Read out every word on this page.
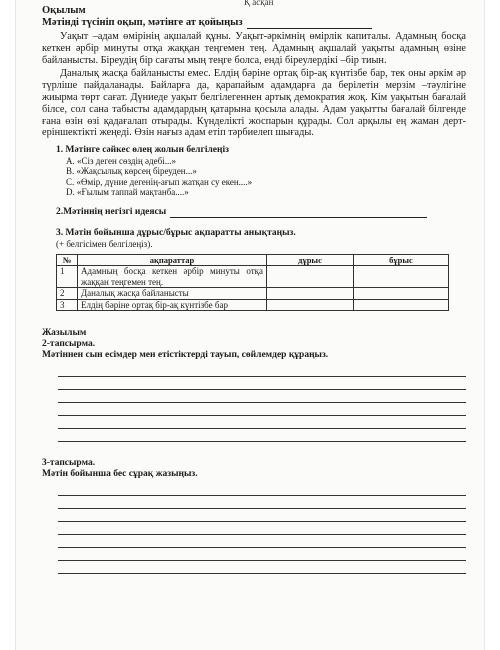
Қ асқан
Оқылым
Мәтінді түсініп оқып, мәтінге ат қойыңыз

Уақыт –адам өмірінің ақшалай құны. Уақыт-әркімнің өмірлік капиталы. Адамның босқа кеткен әрбір минуты отқа жаққан теңгемен тең. Адамның ақшалай уақыты адамның өзіне байланысты. Біреудің бір сағаты мың теңге болса, енді біреулердікі –бір тиын.

Даналық жасқа байланысты емес. Елдің бәріне ортақ бір-ақ күнтізбе бар, тек оны әркім әр түрліше пайдаланады. Байларға да, қарапайым адамдарға да берілетін мерзім –тәулігіне жиырма төрт сағат. Дүниеде уақыт белгілегеннен артық демократия жоқ. Кім уақытын бағалай білсе, сол сана табысты адамдардың қатарына қосыла алады. Адам уақытты бағалай білгенде ғана өзін өзі қадағалап отырады. Күнделікті жоспарын құрады. Сол арқылы ең жаман дерт-еріншектікті жеңеді. Өзін нағыз адам етіп тәрбиелеп шығады.

1. Мәтінге сәйкес өлең жолын белгілеңіз
A. «Сіз деген сөздің әдебі...»
B. «Жақсылық көрсең біреуден...»
C. «Өмір, дүние дегенің-ағып жатқан су екен....»
D. «Ғылым таппай мақтанба....»
2.Мәтіннің негізгі идеясы
3. Мәтін бойынша дұрыс/бұрыс ақпаратты анықтаңыз.
(+ белгісімен белгілеңіз).
№	ақпараттар	дұрыс	бұрыс
1	Адамның босқа кеткен әрбір минуты отқа жаққан теңгемен тең.		
2	Даналық жасқа байланысты		
3	Елдің бәріне ортақ бір-ақ күнтізбе бар		
Жазылым
2-тапсырма.
Мәтіннен сын есімдер мен етістіктерді тауып, сөйлемдер құраңыз.
3-тапсырма.
Мәтін бойынша бес сұрақ жазыңыз.
